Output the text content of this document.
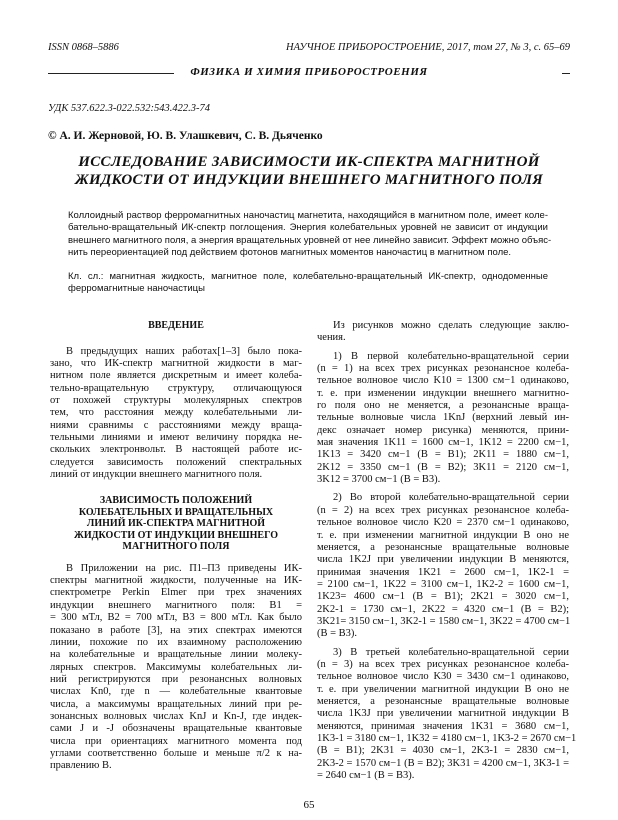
ISSN 0868–5886	НАУЧНОЕ ПРИБОРОСТРОЕНИЕ, 2017, том 27, № 3, с. 65–69
ФИЗИКА И ХИМИЯ ПРИБОРОСТРОЕНИЯ
УДК 537.622.3-022.532:543.422.3-74
© А. И. Жерновой, Ю. В. Улашкевич, С. В. Дьяченко
ИССЛЕДОВАНИЕ ЗАВИСИМОСТИ ИК-СПЕКТРА МАГНИТНОЙ
ЖИДКОСТИ ОТ ИНДУКЦИИ ВНЕШНЕГО МАГНИТНОГО ПОЛЯ
Коллоидный раствор ферромагнитных наночастиц магнетита, находящийся в магнитном поле, имеет коле-
бательно-вращательный ИК-спектр поглощения. Энергия колебательных уровней не зависит от индукции
внешнего магнитного поля, а энергия вращательных уровней от нее линейно зависит. Эффект можно объяс-
нить переориентацией под действием фотонов магнитных моментов наночастиц в магнитном поле.
Кл. сл.: магнитная жидкость, магнитное поле, колебательно-вращательный ИК-спектр, однодоменные
ферромагнитные наночастицы
ВВЕДЕНИЕ
В предыдущих наших работах[1–3] было пока-
зано, что ИК-спектр магнитной жидкости в маг-
нитном поле является дискретным и имеет колеба-
тельно-вращательную структуру, отличающуюся
от похожей структуры молекулярных спектров
тем, что расстояния между колебательными ли-
ниями сравнимы с расстояниями между враща-
тельными линиями и имеют величину порядка не-
скольких электронвольт. В настоящей работе ис-
следуется зависимость положений спектральных
линий от индукции внешнего магнитного поля.
ЗАВИСИМОСТЬ ПОЛОЖЕНИЙ
КОЛЕБАТЕЛЬНЫХ И ВРАЩАТЕЛЬНЫХ
ЛИНИЙ ИК-СПЕКТРА МАГНИТНОЙ
ЖИДКОСТИ ОТ ИНДУКЦИИ ВНЕШНЕГО
МАГНИТНОГО ПОЛЯ
В Приложении на рис. П1–П3 приведены ИК-
спектры магнитной жидкости, полученные на ИК-
спектрометре Perkin Elmer при трех значениях
индукции внешнего магнитного поля: B1 =
= 300 мТл, B2 = 700 мТл, B3 = 800 мТл. Как было
показано в работе [3], на этих спектрах имеются
линии, похожие по их взаимному расположению
на колебательные и вращательные линии молеку-
лярных спектров. Максимумы колебательных ли-
ний регистрируются при резонансных волновых
числах Kn0, где n — колебательные квантовые
числа, а максимумы вращательных линий при ре-
зонансных волновых числах KnJ и Kn-J, где индек-
сами J и -J обозначены вращательные квантовые
числа при ориентациях магнитного момента под
углами соответственно больше и меньше π/2 к на-
правлению B.
Из рисунков можно сделать следующие заклю-
чения.
1) В первой колебательно-вращательной серии
(n = 1) на всех трех рисунках резонансное колеба-
тельное волновое число K10 = 1300 см−1 одинаково,
т. е. при изменении индукции внешнего магнитно-
го поля оно не меняется, а резонансные враща-
тельные волновые числа 1KnJ (верхний левый ин-
декс означает номер рисунка) меняются, прини-
мая значения 1K11 = 1600 см−1, 1K12 = 2200 см−1,
1K13 = 3420 см−1 (B = B1); 2K11 = 1880 см−1,
2K12 = 3350 см−1 (B = B2); 3K11 = 2120 см−1,
3K12 = 3700 см−1 (B = B3).
2) Во второй колебательно-вращательной серии
(n = 2) на всех трех рисунках резонансное колеба-
тельное волновое число K20 = 2370 см−1 одинаково,
т. е. при изменении магнитной индукции B оно не
меняется, а резонансные вращательные волновые
числа 1K2J при увеличении индукции B меняются,
принимая значения 1K21 = 2600 см−1, 1K2-1 =
= 2100 см−1, 1K22 = 3100 см−1, 1K2-2 = 1600 см−1,
1K23= 4600 см−1 (B = B1); 2K21 = 3020 см−1,
2K2-1 = 1730 см−1, 2K22 = 4320 см−1 (B = B2);
3K21= 3150 см−1, 3K2-1 = 1580 см−1, 3K22 = 4700 см−1
(B = B3).
3) В третьей колебательно-вращательной серии
(n = 3) на всех трех рисунках резонансное колеба-
тельное волновое число K30 = 3430 см−1 одинаково,
т. е. при увеличении магнитной индукции B оно не
меняется, а резонансные вращательные волновые
числа 1K3J при увеличении магнитной индукции B
меняются, принимая значения 1K31 = 3680 см−1,
1K3-1 = 3180 см−1, 1K32 = 4180 см−1, 1K3-2 = 2670 см−1
(B = B1); 2K31 = 4030 см−1, 2K3-1 = 2830 см−1,
2K3-2 = 1570 см−1 (B = B2); 3K31 = 4200 см−1, 3K3-1 =
= 2640 см−1 (B = B3).
65
